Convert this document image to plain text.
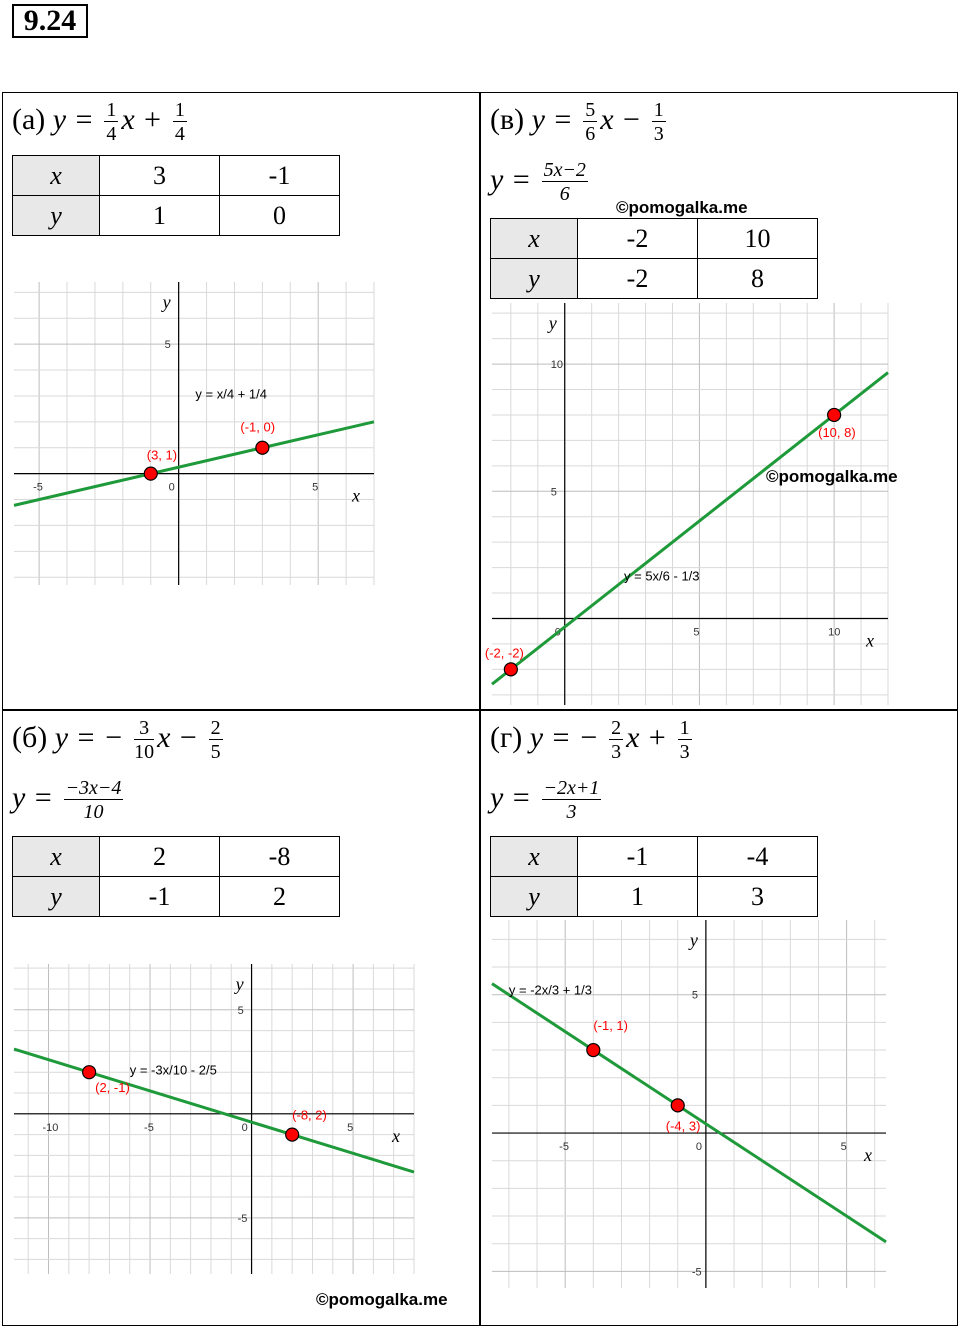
9.24
(а) $y = \frac{1}{4}$ $x + \frac{1}{4}$
x	3	-1
y	1	0
-5	0	5
5
x
y
y = x/4 + 1/4
(-1, 0)
(3, 1)
(в) $y = \frac{5}{6}$ $x - \frac{1}{3}$
$y = \frac{5x-2}{6}$
©pomogalka.me
x	-2	10
y	-2	8
5	10
5
10
x
y
y = 5x/6 - 1/3
(-2, -2)
(10, 8)
©pomogalka.me
(б) y = − $\frac{3}{10}$ $x - \frac{2}{5}$
$y = \frac{-3x-4}{10}$
x	2	-8
y	-1	2
-10	-5	0	5
5
-5
x
y
y = -3x/10 - 2/5
(-8, 2)
(2, -1)
©pomogalka.me
(г) y = − $\frac{2}{3}$ $x + \frac{1}{3}$
$y = \frac{-2x+1}{3}$
x	-1	-4
y	1	3
-5	0	5
5
-5
x
y
y = -2x/3 + 1/3
(-4, 3)
(-1, 1)
